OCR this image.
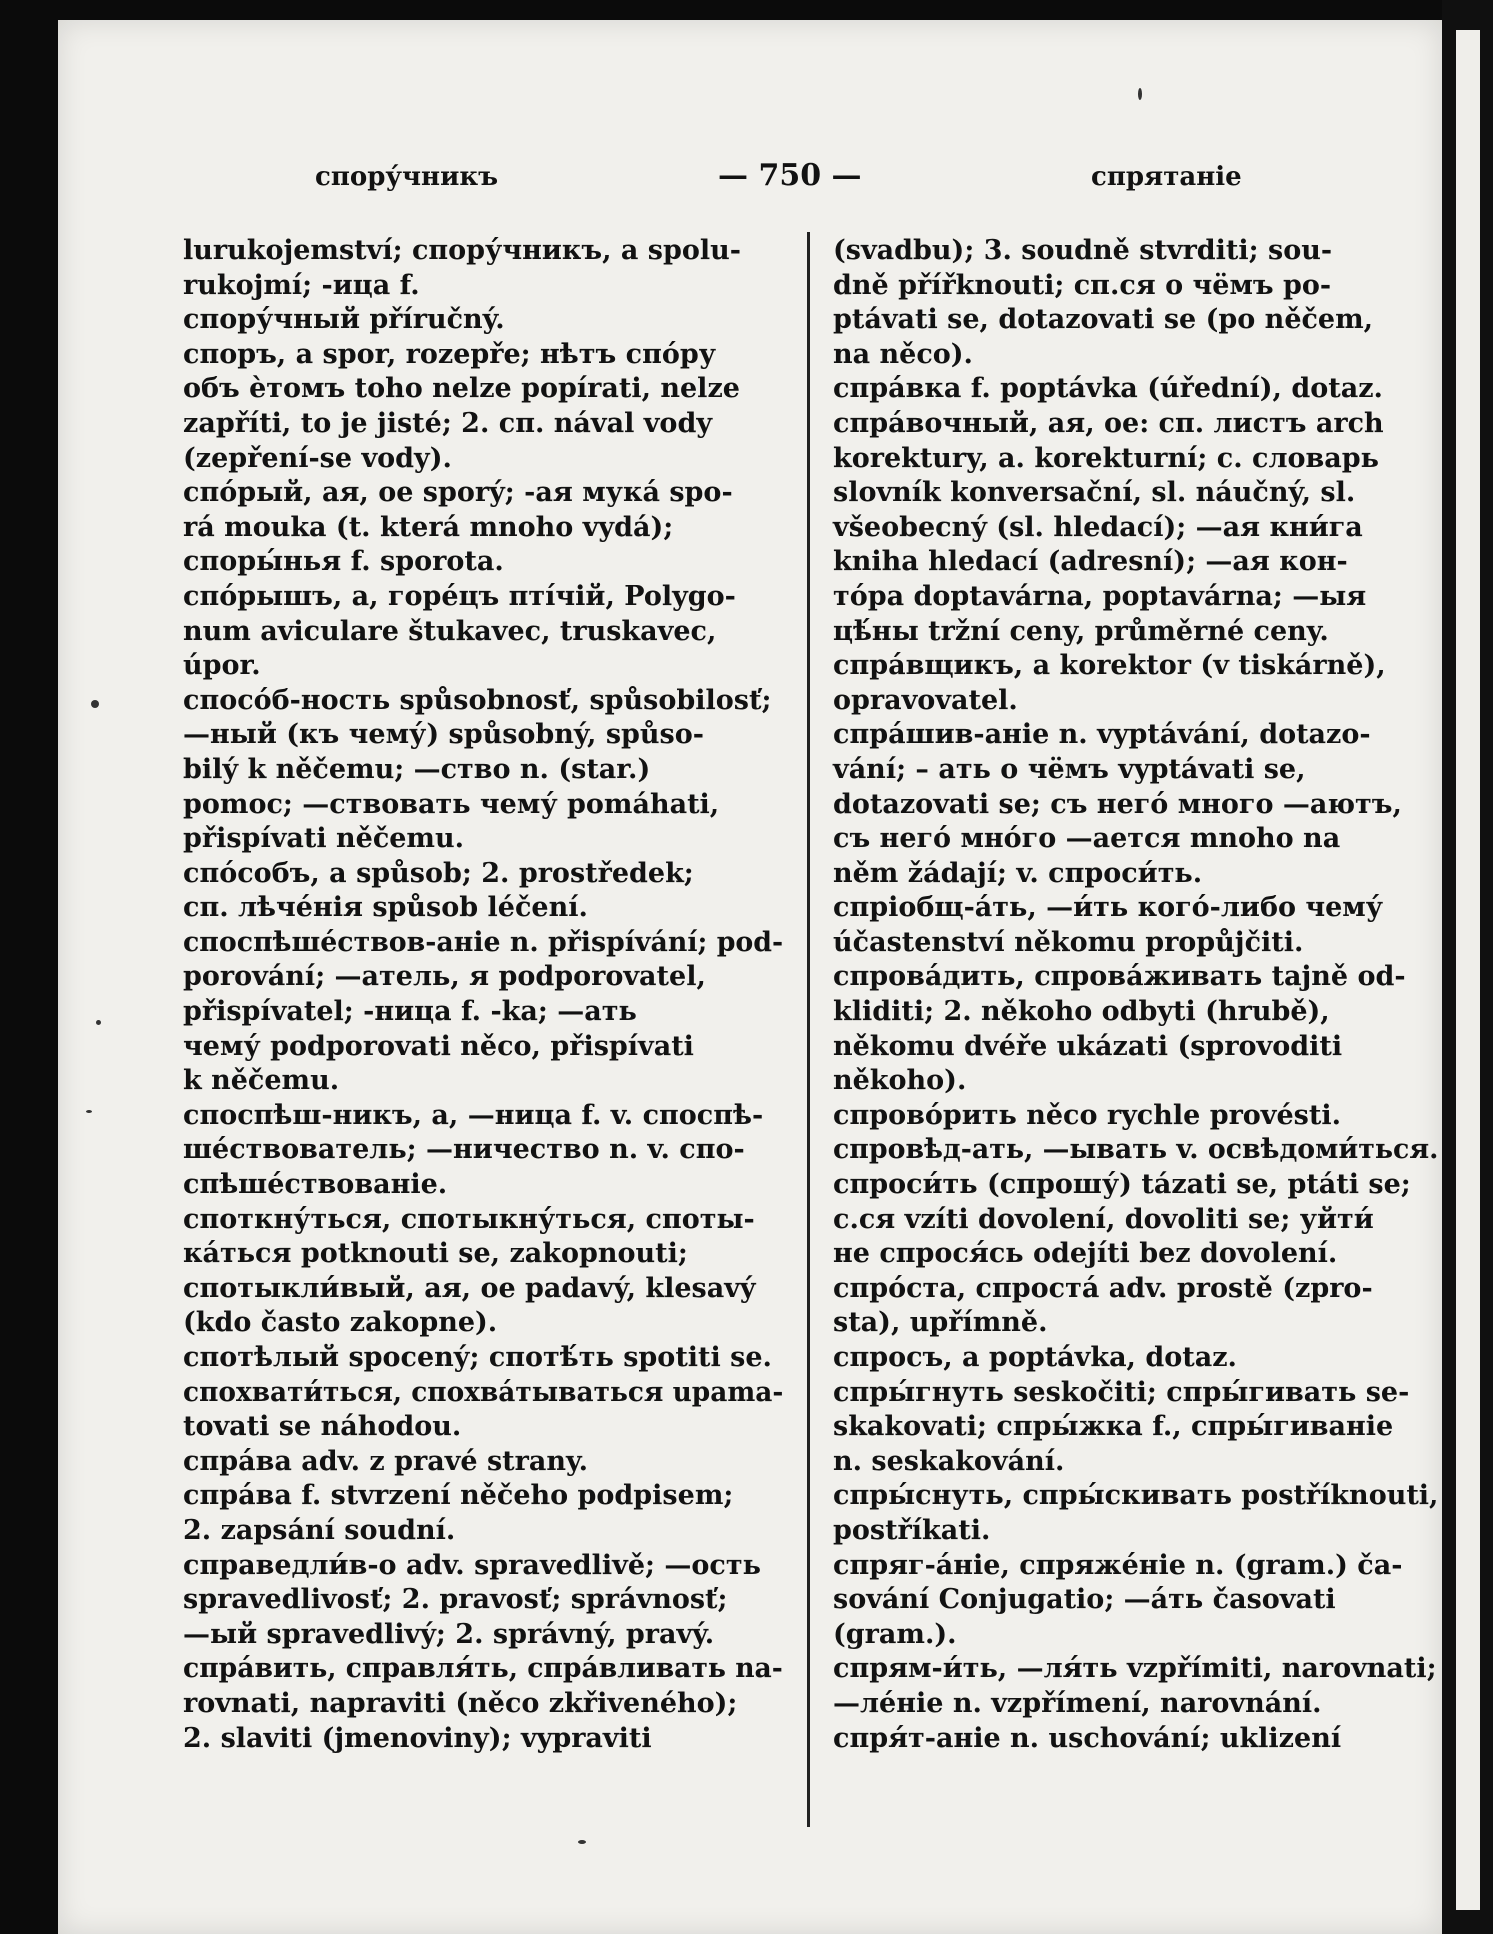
спору́чникъ	— 750 —	спрятаніе
lurukojemství; спору́чникъ, a spolu-
rukojmí; -ица f.
спору́чный příručný.
споръ, a spor, rozepře; нѣтъ спо́ру
объ ѐтомъ toho nelze popírati, nelze
zapříti, to je jisté; 2. сп. nával vody
(zepření-se vody).
спо́рый, ая, ое sporý; -ая мука́ spo-
rá mouka (t. která mnoho vydá);
споры́нья f. sporota.
спо́рышъ, а, горе́цъ пті́чій, Polygo-
num aviculare štukavec, truskavec,
úpor.
спосо́б-ность spůsobnosť, spůsobilosť;
—ный (къ чему́) spůsobný, spůso-
bilý k něčemu; —ство n. (star.)
pomoc; —ствовать чему́ pomáhati,
přispívati něčemu.
спо́собъ, a spůsob; 2. prostředek;
сп. лѣче́нія spůsob léčení.
споспѣше́ствов-аніе n. přispívání; pod-
porování; —атель, я podporovatel,
přispívatel; -ница f. -ka; —ать
чему́ podporovati něco, přispívati
k něčemu.
споспѣш-никъ, а, —ница f. v. споспѣ-
ше́ствователь; —ничество n. v. спо-
спѣше́ствованіе.
споткну́ться, спотыкну́ться, споты-
ка́ться potknouti se, zakopnouti;
спотыкли́вый, ая, ое padavý, klesavý
(kdo často zakopne).
спотѣлый spocený; спотѣ́ть spotiti se.
спохвати́ться, спохва́тываться upama-
tovati se náhodou.
спра́ва adv. z pravé strany.
спра́ва f. stvrzení něčeho podpisem;
2. zapsání soudní.
справедли́в-о adv. spravedlivě; —ость
spravedlivosť; 2. pravosť; správnosť;
—ый spravedlivý; 2. správný, pravý.
спра́вить, справля́ть, спра́вливать na-
rovnati, napraviti (něco zkřiveného);
2. slaviti (jmenoviny); vypraviti
(svadbu); 3. soudně stvrditi; sou-
dně přířknouti; сп.ся о чёмъ po-
ptávati se, dotazovati se (po něčem,
na něco).
спра́вка f. poptávka (úřední), dotaz.
спра́вочный, ая, ое: сп. листъ arch
korektury, a. korekturní; с. словарь
slovník konversační, sl. náučný, sl.
všeobecný (sl. hledací); —ая кни́га
kniha hledací (adresní); —ая кон-
то́ра doptavárna, poptavárna; —ыя
цѣ́ны tržní ceny, průměrné ceny.
спра́вщикъ, a korektor (v tiskárně),
opravovatel.
спра́шив-аніе n. vyptávání, dotazo-
vání; – ать о чёмъ vyptávati se,
dotazovati se; съ него́ много —аютъ,
съ него́ мно́го —ается mnoho na
něm žádají; v. спроси́ть.
спріобщ-а́ть, —и́ть кого́-либо чему́
účastenství někomu propůjčiti.
спрова́дить, спрова́живать tajně od-
kliditi; 2. někoho odbyti (hrubě),
někomu dvéře ukázati (sprovoditi
někoho).
спрово́рить něco rychle provésti.
спровѣд-ать, —ывать v. освѣдоми́ться.
спроси́ть (спрошу́) tázati se, ptáti se;
с.ся vzíti dovolení, dovoliti se; уйти́
не спрося́сь odejíti bez dovolení.
спро́ста, спроста́ adv. prostě (zpro-
sta), upřímně.
спросъ, a poptávka, dotaz.
спры́гнуть seskočiti; спры́гивать se-
skakovati; спры́жка f., спры́гиваніе
n. seskakování.
спры́снуть, спры́скивать postříknouti,
postříkati.
спряг-а́ніе, спряже́ніе n. (gram.) ča-
sování Conjugatio; —а́ть časovati
(gram.).
спрям-и́ть, —ля́ть vzpřímiti, narovnati;
—ле́ніе n. vzpřímení, narovnání.
спря́т-аніе n. uschování; uklizení
